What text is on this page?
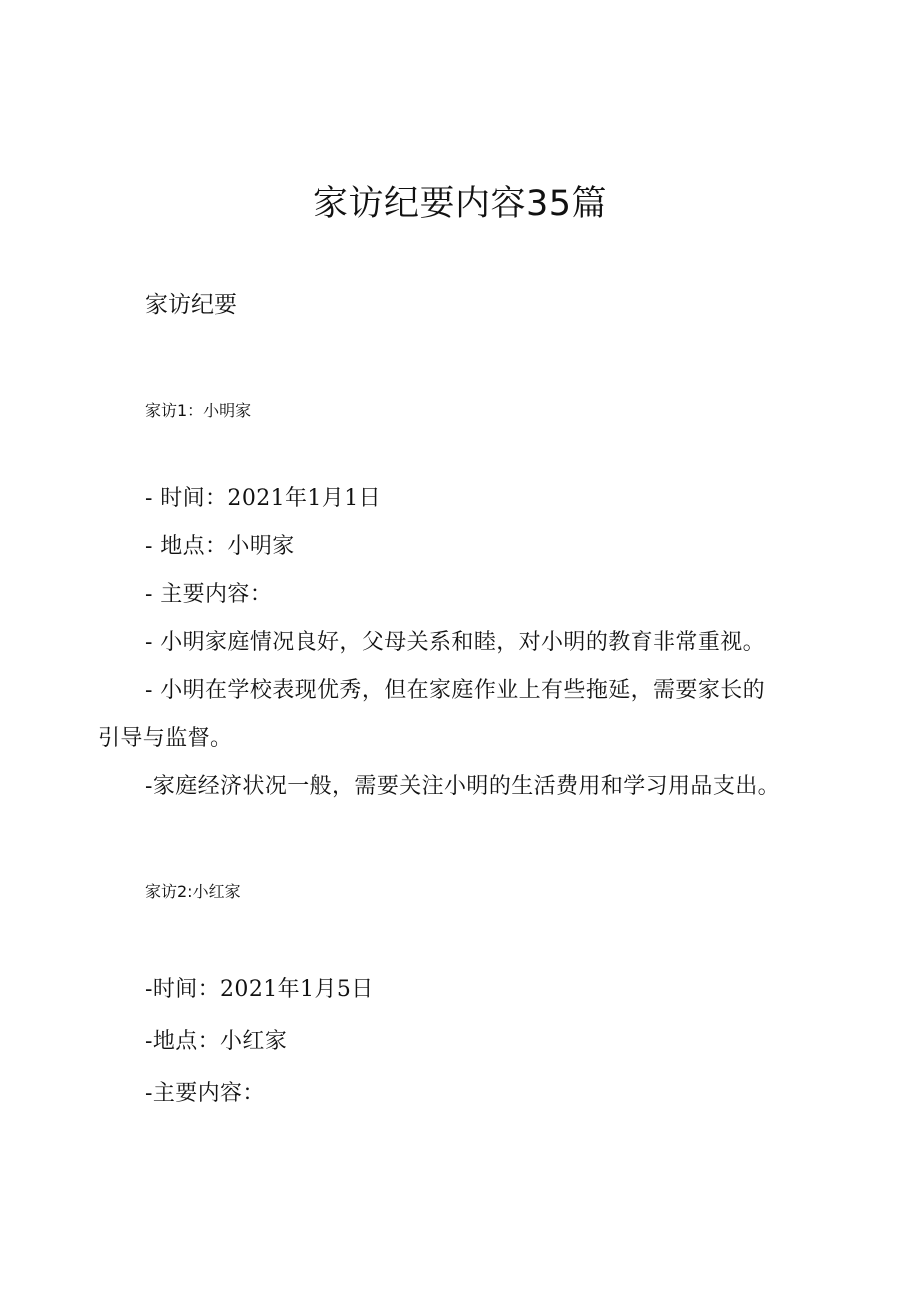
家访纪要内容35篇
家访纪要
家访1：小明家
- 时间：2021年1月1日
- 地点：小明家
- 主要内容：
- 小明家庭情况良好，父母关系和睦，对小明的教育非常重视。
- 小明在学校表现优秀，但在家庭作业上有些拖延，需要家长的
引导与监督。
-家庭经济状况一般，需要关注小明的生活费用和学习用品支出。
家访2:小红家
-时间：2021年1月5日
-地点：小红家
-主要内容：
